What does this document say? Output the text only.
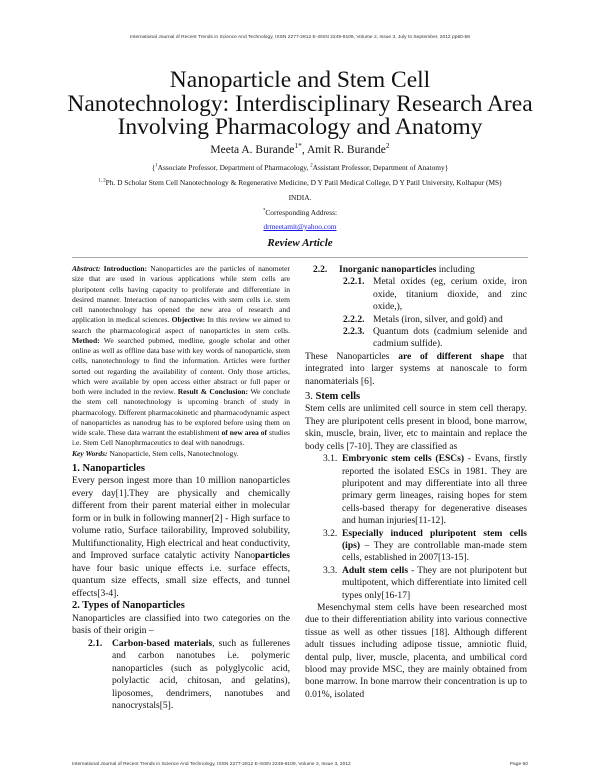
International Journal of Recent Trends in Science And Technology, ISSN 2277-2812 E-ISSN 2249-8109, Volume 2, Issue 3, July to September, 2012 pp50-58
Nanoparticle and Stem Cell
Nanotechnology: Interdisciplinary Research Area
Involving Pharmacology and Anatomy
Meeta A. Burande$^{1*}$, Amit R. Burande$^2$
{$^1$Associate Professor, Department of Pharmacology, $^2$Assistant Professor, Department of Anatomy}
$^{1, 2}$Ph. D Scholar Stem Cell Nanotechnology & Regenerative Medicine, D Y Patil Medical College, D Y Patil University, Kolhapur (MS)
INDIA.
*Corresponding Address:
drmeetamit@yahoo.com
Review Article

Abstract: Introduction: Nanoparticles are the particles of nanometer size that are used in various applications while stem cells are pluripotent cells having capacity to proliferate and differentiate in desired manner. Interaction of nanoparticles with stem cells i.e. stem cell nanotechnology has opened the new area of research and application in medical sciences. Objective: In this review we aimed to search the pharmacological aspect of nanoparticles in stem cells. Method: We searched pubmed, medline, google scholar and other online as well as offline data base with key words of nanoparticle, stem cells, nanotechnology to find the information. Articles were further sorted out regarding the availability of content. Only those articles, which were available by open access either abstract or full paper or both were included in the review. Result & Conclusion: We conclude the stem cell nanotechnology is upcoming branch of study in pharmacology. Different pharmacokinetic and pharmacodynamic aspect of nanoparticles as nanodrug has to be explored before using them on wide scale. These data warrant the establishment of new area of studies i.e. Stem Cell Nanophrmaceutics to deal with nanodrugs.

Key Words: Nanoparticle, Stem cells, Nanotechnology.

1. Nanoparticles

Every person ingest more than 10 million nanoparticles every day[1].They are physically and chemically different from their parent material either in molecular form or in bulk in following manner[2] - High surface to volume ratio, Surface tailorability, Improved solubility, Multifunctionality, High electrical and heat conductivity, and Improved surface catalytic activity Nanoparticles have four basic unique effects i.e. surface effects, quantum size effects, small size effects, and tunnel effects[3-4].

2. Types of Nanoparticles

Nanoparticles are classified into two categories on the basis of their origin –

2.1. Carbon-based materials, such as fullerenes and carbon nanotubes i.e. polymeric nanoparticles (such as polyglycolic acid, polylactic acid, chitosan, and gelatins), liposomes, dendrimers, nanotubes and nanocrystals[5].
2.2. Inorganic nanoparticles including
2.2.1. Metal oxides (eg, cerium oxide, iron oxide, titanium dioxide, and zinc oxide,),
2.2.2. Metals (iron, silver, and gold) and
2.2.3. Quantum dots (cadmium selenide and cadmium sulfide).

These Nanoparticles are of different shape that integrated into larger systems at nanoscale to form nanomaterials [6].

3. Stem cells

Stem cells are unlimited cell source in stem cell therapy. They are pluripotent cells present in blood, bone marrow, skin, muscle, brain, liver, etc to maintain and replace the body cells [7-10]. They are classified as

3.1. Embryonic stem cells (ESCs) - Evans, firstly reported the isolated ESCs in 1981. They are pluripotent and may differentiate into all three primary germ lineages, raising hopes for stem cells-based therapy for degenerative diseases and human injuries[11-12].
3.2. Especially induced pluripotent stem cells (ips) – They are controllable man-made stem cells, established in 2007[13-15].
3.3. Adult stem cells - They are not pluripotent but multipotent, which differentiate into limited cell types only[16-17]

Mesenchymal stem cells have been researched most due to their differentiation ability into various connective tissue as well as other tissues [18]. Although different adult tissues including adipose tissue, amniotic fluid, dental pulp, liver, muscle, placenta, and umbilical cord blood may provide MSC, they are mainly obtained from bone marrow. In bone marrow their concentration is up to 0.01%, isolated

International Journal of Recent Trends in Science And Technology, ISSN 2277-2812 E-ISSN 2249-8109, Volume 2, Issue 3, 2012	Page 50
